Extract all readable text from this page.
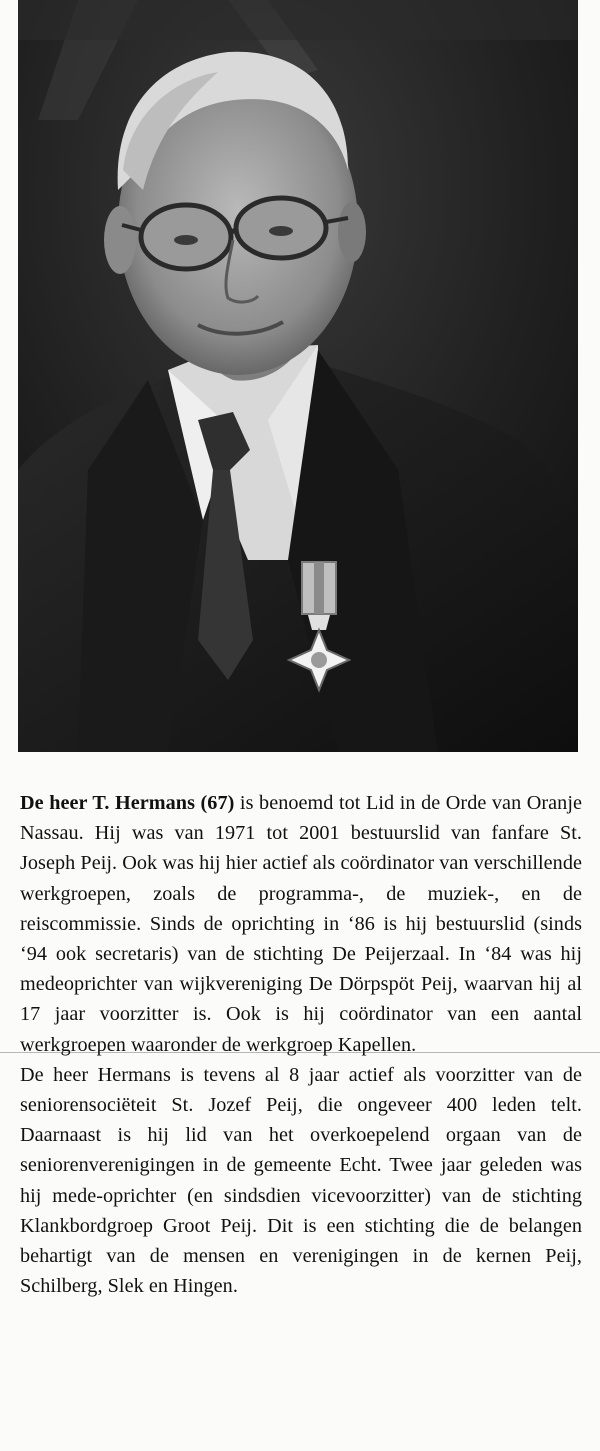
De heer T. Hermans (67) is benoemd tot Lid in de Orde van Oranje Nassau. Hij was van 1971 tot 2001 bestuurslid van fanfare St. Joseph Peij. Ook was hij hier actief als coördinator van verschillende werkgroepen, zoals de programma-, de muziek-, en de reiscommissie. Sinds de oprichting in ‘86 is hij bestuurslid (sinds ‘94 ook secretaris) van de stichting De Peijerzaal. In ‘84 was hij medeoprichter van wijkvereniging De Dörpspöt Peij, waarvan hij al 17 jaar voorzitter is. Ook is hij coördinator van een aantal werkgroepen waaronder de werkgroep Kapellen.

De heer Hermans is tevens al 8 jaar actief als voorzitter van de seniorensociëteit St. Jozef Peij, die ongeveer 400 leden telt. Daarnaast is hij lid van het overkoepelend orgaan van de seniorenverenigingen in de gemeente Echt. Twee jaar geleden was hij mede-oprichter (en sindsdien vicevoorzitter) van de stichting Klankbordgroep Groot Peij. Dit is een stichting die de belangen behartigt van de mensen en verenigingen in de kernen Peij, Schilberg, Slek en Hingen.
